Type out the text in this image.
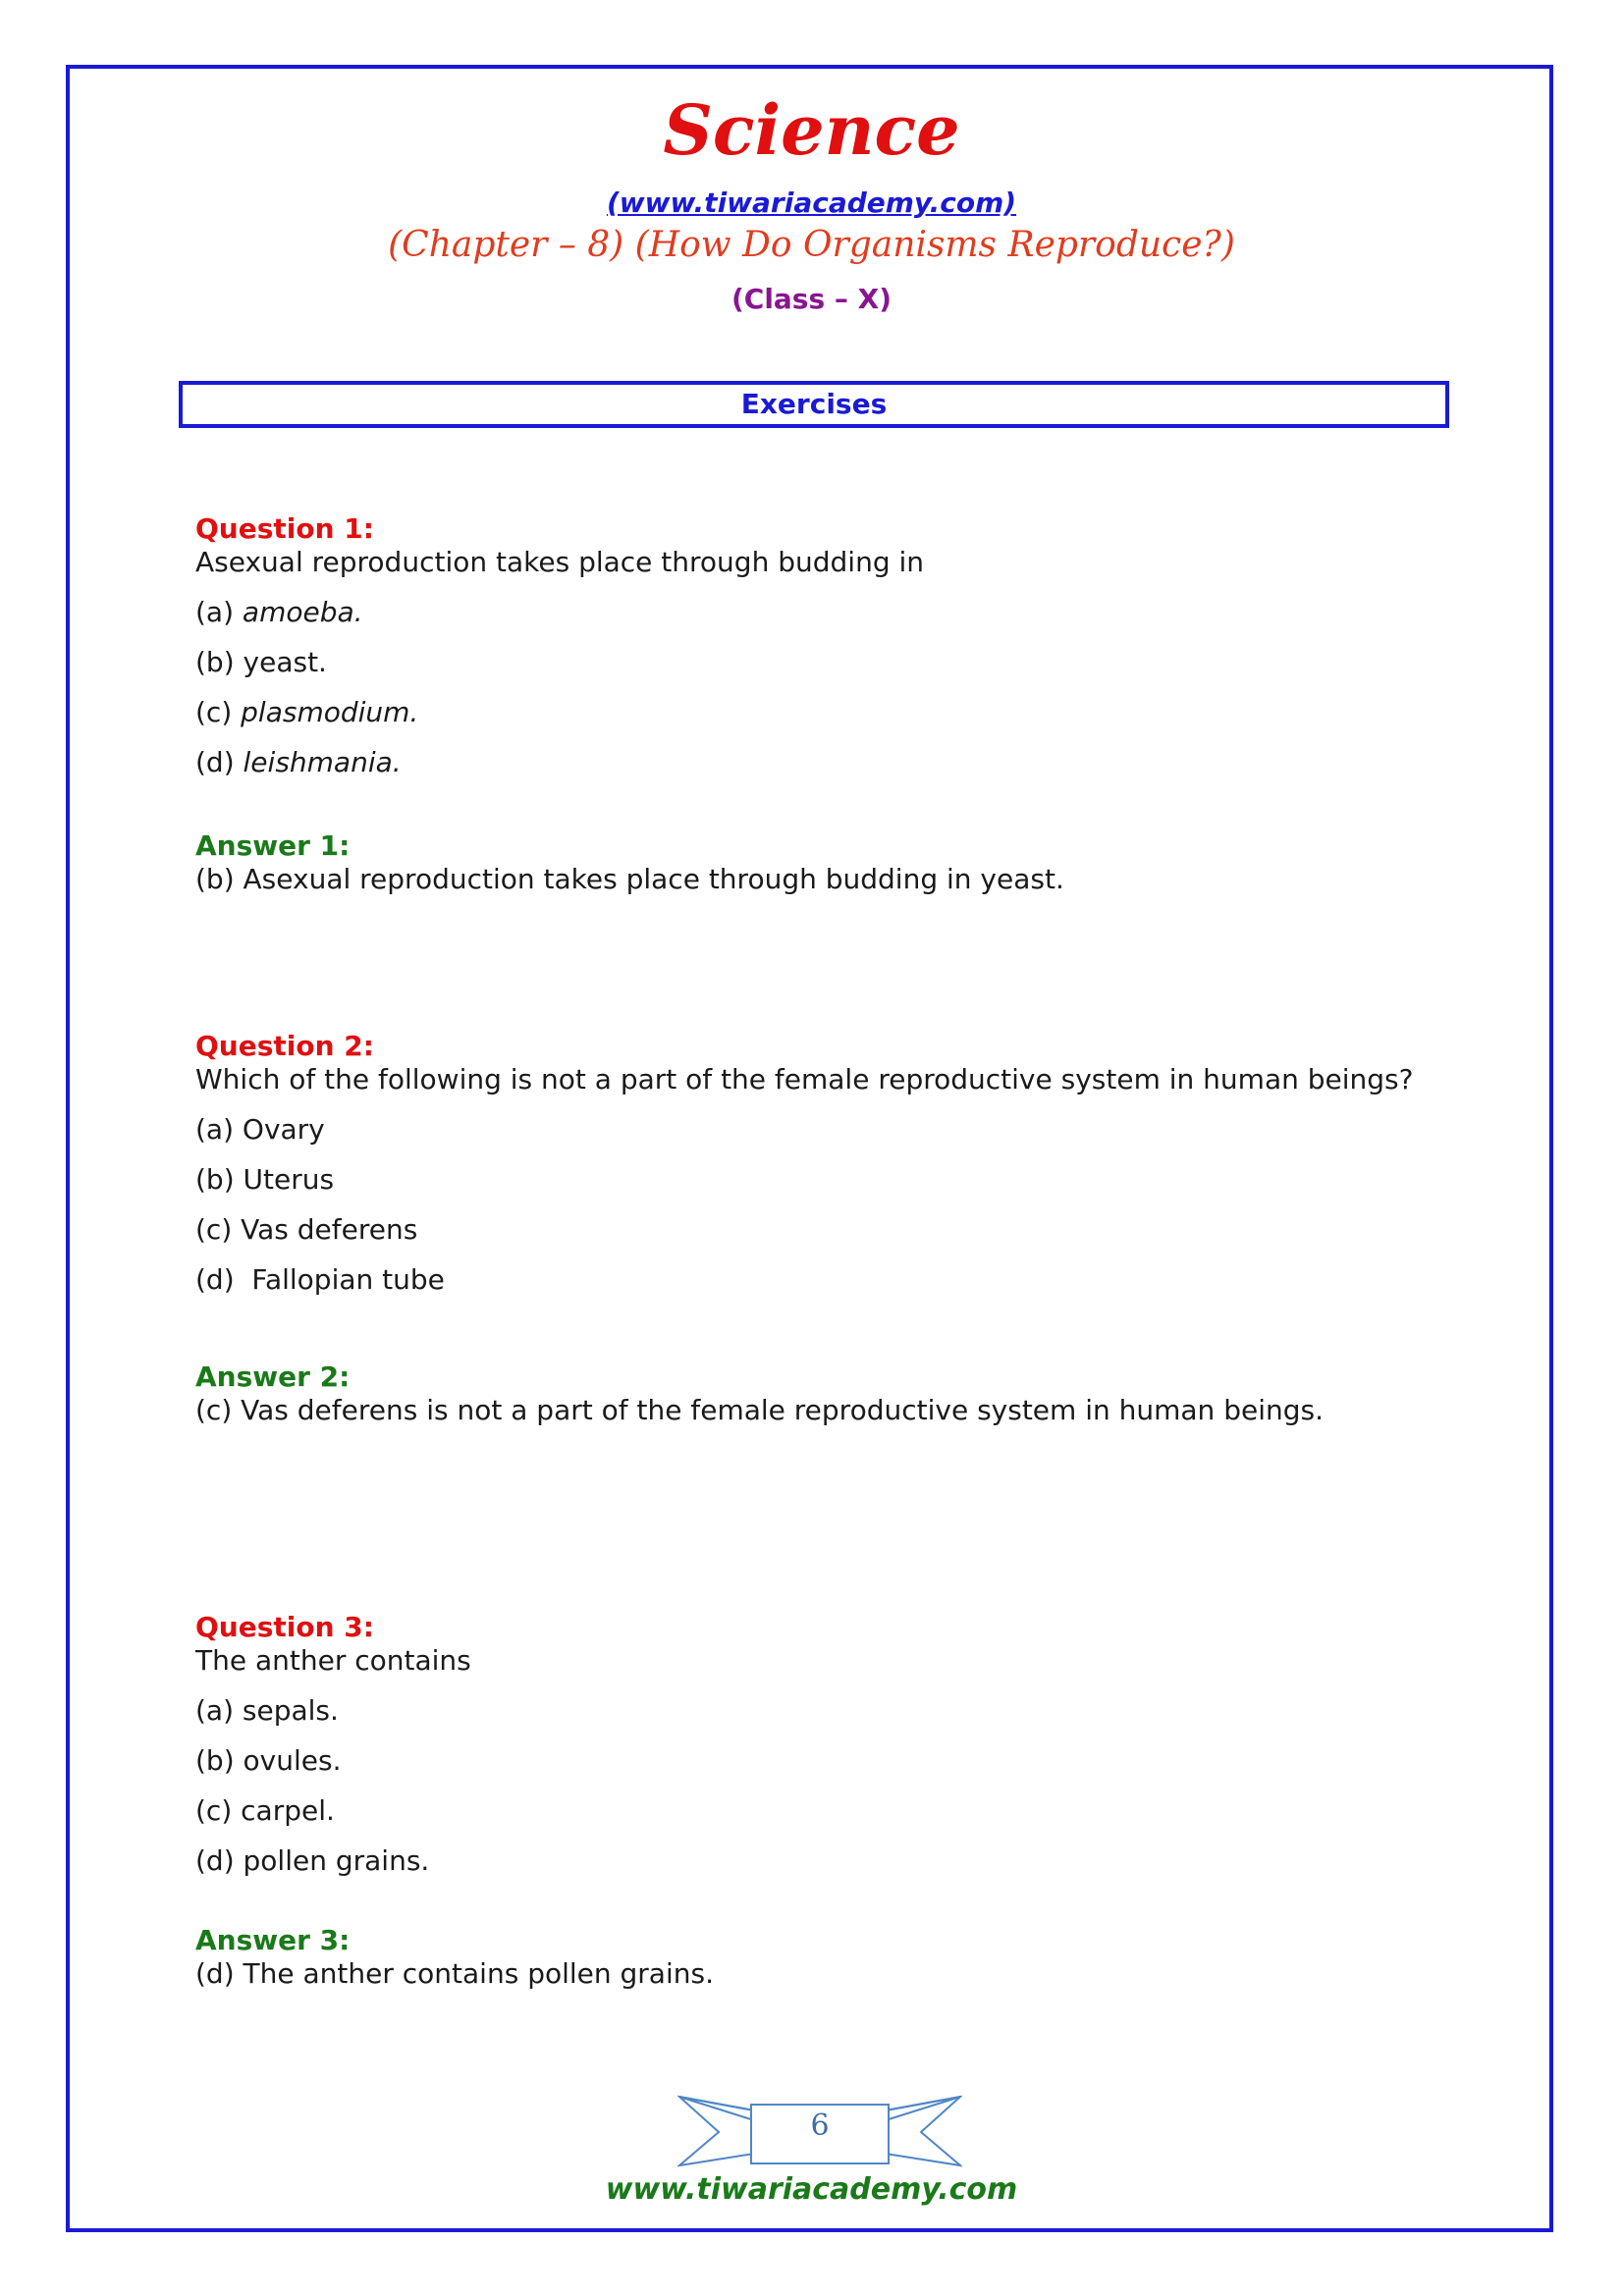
Science
(www.tiwariacademy.com)
(Chapter – 8) (How Do Organisms Reproduce?)
(Class – X)
Exercises

Question 1:

Asexual reproduction takes place through budding in

(a) amoeba.

(b) yeast.

(c) plasmodium.

(d) leishmania.

Answer 1:

(b) Asexual reproduction takes place through budding in yeast.

Question 2:

Which of the following is not a part of the female reproductive system in human beings?

(a) Ovary

(b) Uterus

(c) Vas deferens

(d)  Fallopian tube

Answer 2:

(c) Vas deferens is not a part of the female reproductive system in human beings.

Question 3:

The anther contains

(a) sepals.

(b) ovules.

(c) carpel.

(d) pollen grains.

Answer 3:

(d) The anther contains pollen grains.

6
www.tiwariacademy.com
